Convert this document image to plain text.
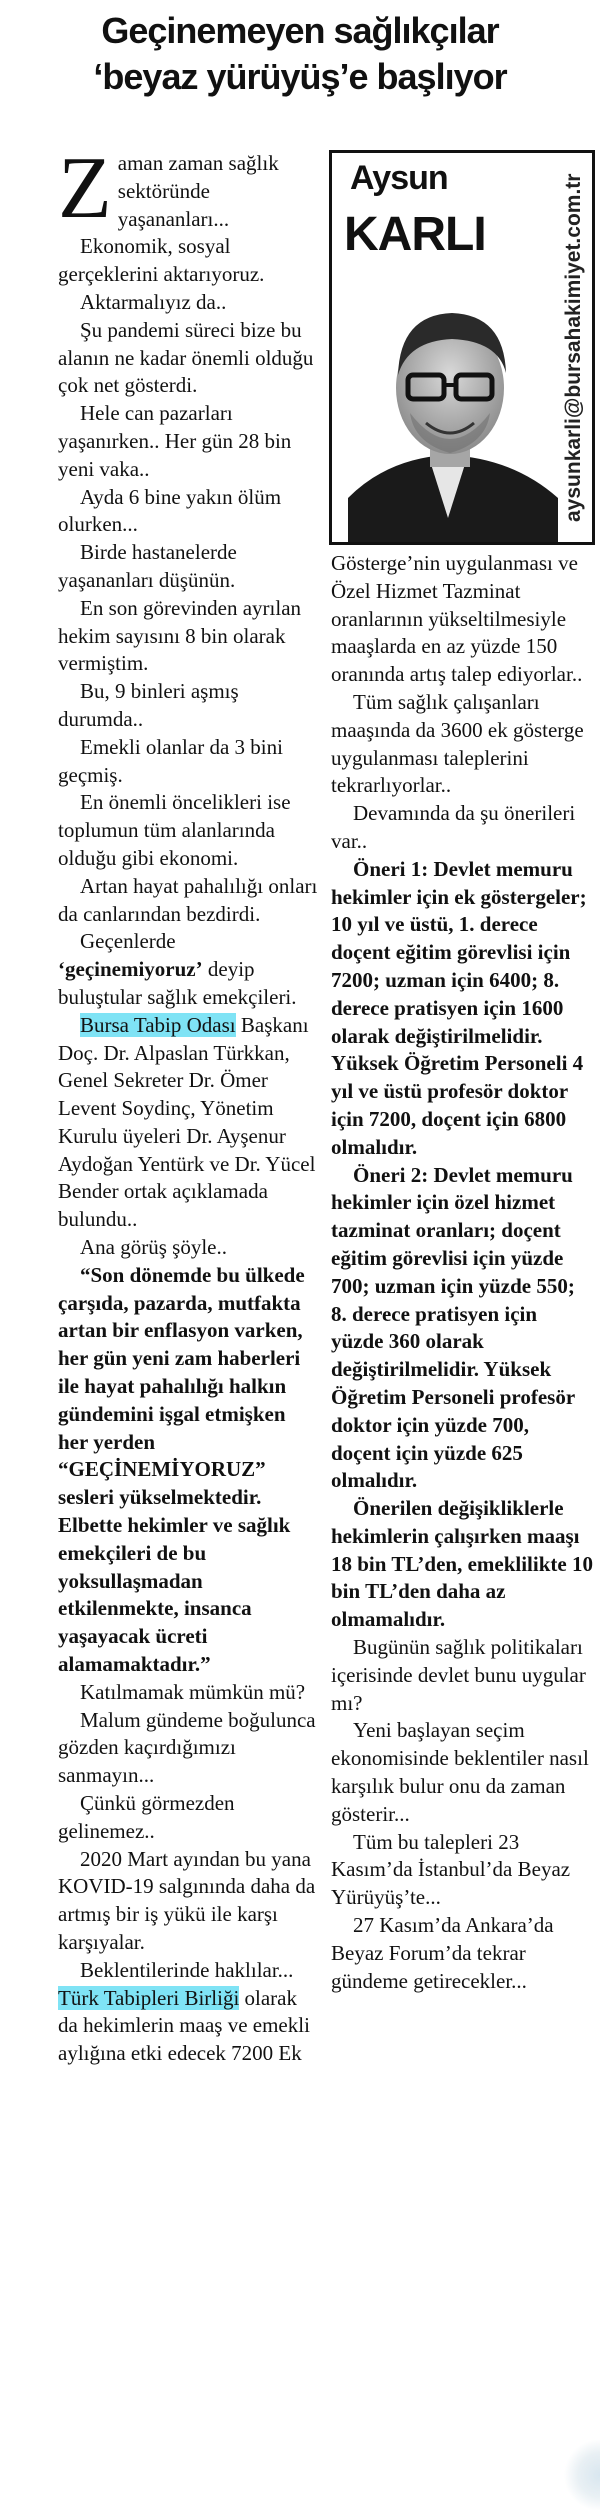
Geçinemeyen sağlıkçılar
‘beyaz yürüyüş’e başlıyor

Zaman zaman sağlık sektöründe yaşananları...

Ekonomik, sosyal gerçeklerini aktarıyoruz.

Aktarmalıyız da..

Şu pandemi süreci bize bu alanın ne kadar önemli olduğu çok net gösterdi.

Hele can pazarları yaşanırken.. Her gün 28 bin yeni vaka..

Ayda 6 bine yakın ölüm olurken...

Birde hastanelerde yaşananları düşünün.

En son görevinden ayrılan hekim sayısını 8 bin olarak vermiştim.

Bu, 9 binleri aşmış durumda..

Emekli olanlar da 3 bini geçmiş.

En önemli öncelikleri ise toplumun tüm alanlarında olduğu gibi ekonomi.

Artan hayat pahalılığı onları da canlarından bezdirdi.

Geçenlerde
‘geçinemiyoruz’ deyip buluştular sağlık emekçileri.

Bursa Tabip Odası Başkanı Doç. Dr. Alpaslan Türkkan, Genel Sekreter Dr. Ömer Levent Soydinç, Yönetim Kurulu üyeleri Dr. Ayşenur Aydoğan Yentürk ve Dr. Yücel Bender ortak açıklamada bulundu..

Ana görüş şöyle..

“Son dönemde bu ülkede çarşıda, pazarda, mutfakta artan bir enflasyon varken, her gün yeni zam haberleri ile hayat pahalılığı halkın gündemini işgal etmişken her yerden “GEÇİNEMİYORUZ” sesleri yükselmektedir. Elbette hekimler ve sağlık emekçileri de bu yoksullaşmadan etkilenmekte, insanca yaşayacak ücreti alamamaktadır.”

Katılmamak mümkün mü?

Malum gündeme boğulunca gözden kaçırdığımızı sanmayın...

Çünkü görmezden gelinemez..

2020 Mart ayından bu yana KOVID-19 salgınında daha da artmış bir iş yükü ile karşı karşıyalar.

Beklentilerinde haklılar...

Türk Tabipleri Birliği olarak da hekimlerin maaş ve emekli aylığına etki edecek 7200 Ek

Aysun
KARLI	aysunkarli@bursahakimiyet.com.tr

Gösterge’nin uygulanması ve Özel Hizmet Tazminat oranlarının yükseltilmesiyle maaşlarda en az yüzde 150 oranında artış talep ediyorlar..

Tüm sağlık çalışanları maaşında da 3600 ek gösterge uygulanması taleplerini tekrarlıyorlar..

Devamında da şu önerileri var..

Öneri 1: Devlet memuru hekimler için ek göstergeler; 10 yıl ve üstü, 1. derece doçent eğitim görevlisi için 7200; uzman için 6400; 8. derece pratisyen için 1600 olarak değiştirilmelidir. Yüksek Öğretim Personeli 4 yıl ve üstü profesör doktor için 7200, doçent için 6800 olmalıdır.

Öneri 2: Devlet memuru hekimler için özel hizmet tazminat oranları; doçent eğitim görevlisi için yüzde 700; uzman için yüzde 550; 8. derece pratisyen için yüzde 360 olarak değiştirilmelidir. Yüksek Öğretim Personeli profesör doktor için yüzde 700, doçent için yüzde 625 olmalıdır.

Önerilen değişikliklerle hekimlerin çalışırken maaşı 18 bin TL’den, emeklilikte 10 bin TL’den daha az olmamalıdır.

Bugünün sağlık politikaları içerisinde devlet bunu uygular mı?

Yeni başlayan seçim ekonomisinde beklentiler nasıl karşılık bulur onu da zaman gösterir...

Tüm bu talepleri 23 Kasım’da İstanbul’da Beyaz Yürüyüş’te...

27 Kasım’da Ankara’da Beyaz Forum’da tekrar gündeme getirecekler...
